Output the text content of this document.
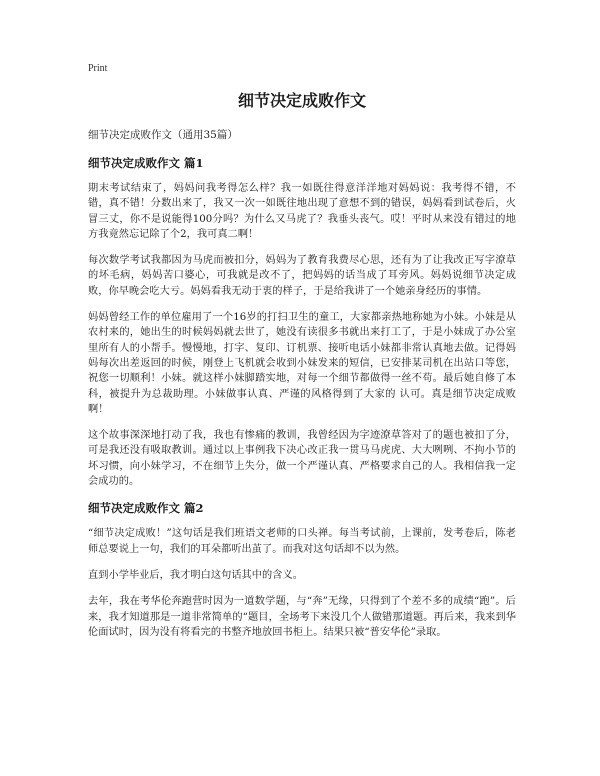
Print
细节决定成败作文
细节决定成败作文（通用35篇）
细节决定成败作文 篇1

期末考试结束了，妈妈问我考得怎么样？我一如既往得意洋洋地对妈妈说：我考得不错，不错，真不错！分数出来了，我又一次一如既往地出现了意想不到的错误，妈妈看到试卷后，火冒三丈，你不是说能得100分吗？为什么又马虎了？我垂头丧气。哎！平时从来没有错过的地方我竟然忘记除了个2，我可真二啊！

每次数学考试我都因为马虎而被扣分，妈妈为了教育我费尽心思，还有为了让我改正写字潦草的坏毛病，妈妈苦口婆心，可我就是改不了，把妈妈的话当成了耳旁风。妈妈说细节决定成败，你早晚会吃大亏。妈妈看我无动于衷的样子，于是给我讲了一个她亲身经历的事情。

妈妈曾经工作的单位雇用了一个16岁的打扫卫生的童工，大家都亲热地称她为小妹。小妹是从农村来的，她出生的时候妈妈就去世了，她没有读很多书就出来打工了，于是小妹成了办公室里所有人的小帮手。慢慢地，打字、复印、订机票、接听电话小妹都非常认真地去做。记得妈妈每次出差返回的时候，刚登上飞机就会收到小妹发来的短信，已安排某司机在出站口等您，祝您一切顺利！小妹。就这样小妹脚踏实地，对每一个细节都做得一丝不苟。最后她自修了本科，被提升为总裁助理。小妹做事认真、严谨的风格得到了大家的 认可。真是细节决定成败啊！

这个故事深深地打动了我，我也有惨痛的教训，我曾经因为字迹潦草答对了的题也被扣了分，可是我还没有吸取教训。通过以上事例我下决心改正我一贯马马虎虎、大大咧咧、不拘小节的坏习惯，向小妹学习，不在细节上失分，做一个严谨认真、严格要求自己的人。我相信我一定会成功的。

细节决定成败作文 篇2

“细节决定成败！”这句话是我们班语文老师的口头禅。每当考试前，上课前，发考卷后，陈老师总要说上一句，我们的耳朵都听出茧了。而我对这句话却不以为然。

直到小学毕业后，我才明白这句话其中的含义。

去年，我在考华伦奔跑营时因为一道数学题，与“奔”无缘，只得到了个差不多的成绩“跑”。后来，我才知道那是一道非常简单的“题目，全场考下来没几个人做错那道题。再后来，我来到华伦面试时，因为没有将看完的书整齐地放回书柜上。结果只被“普安华伦”录取。
